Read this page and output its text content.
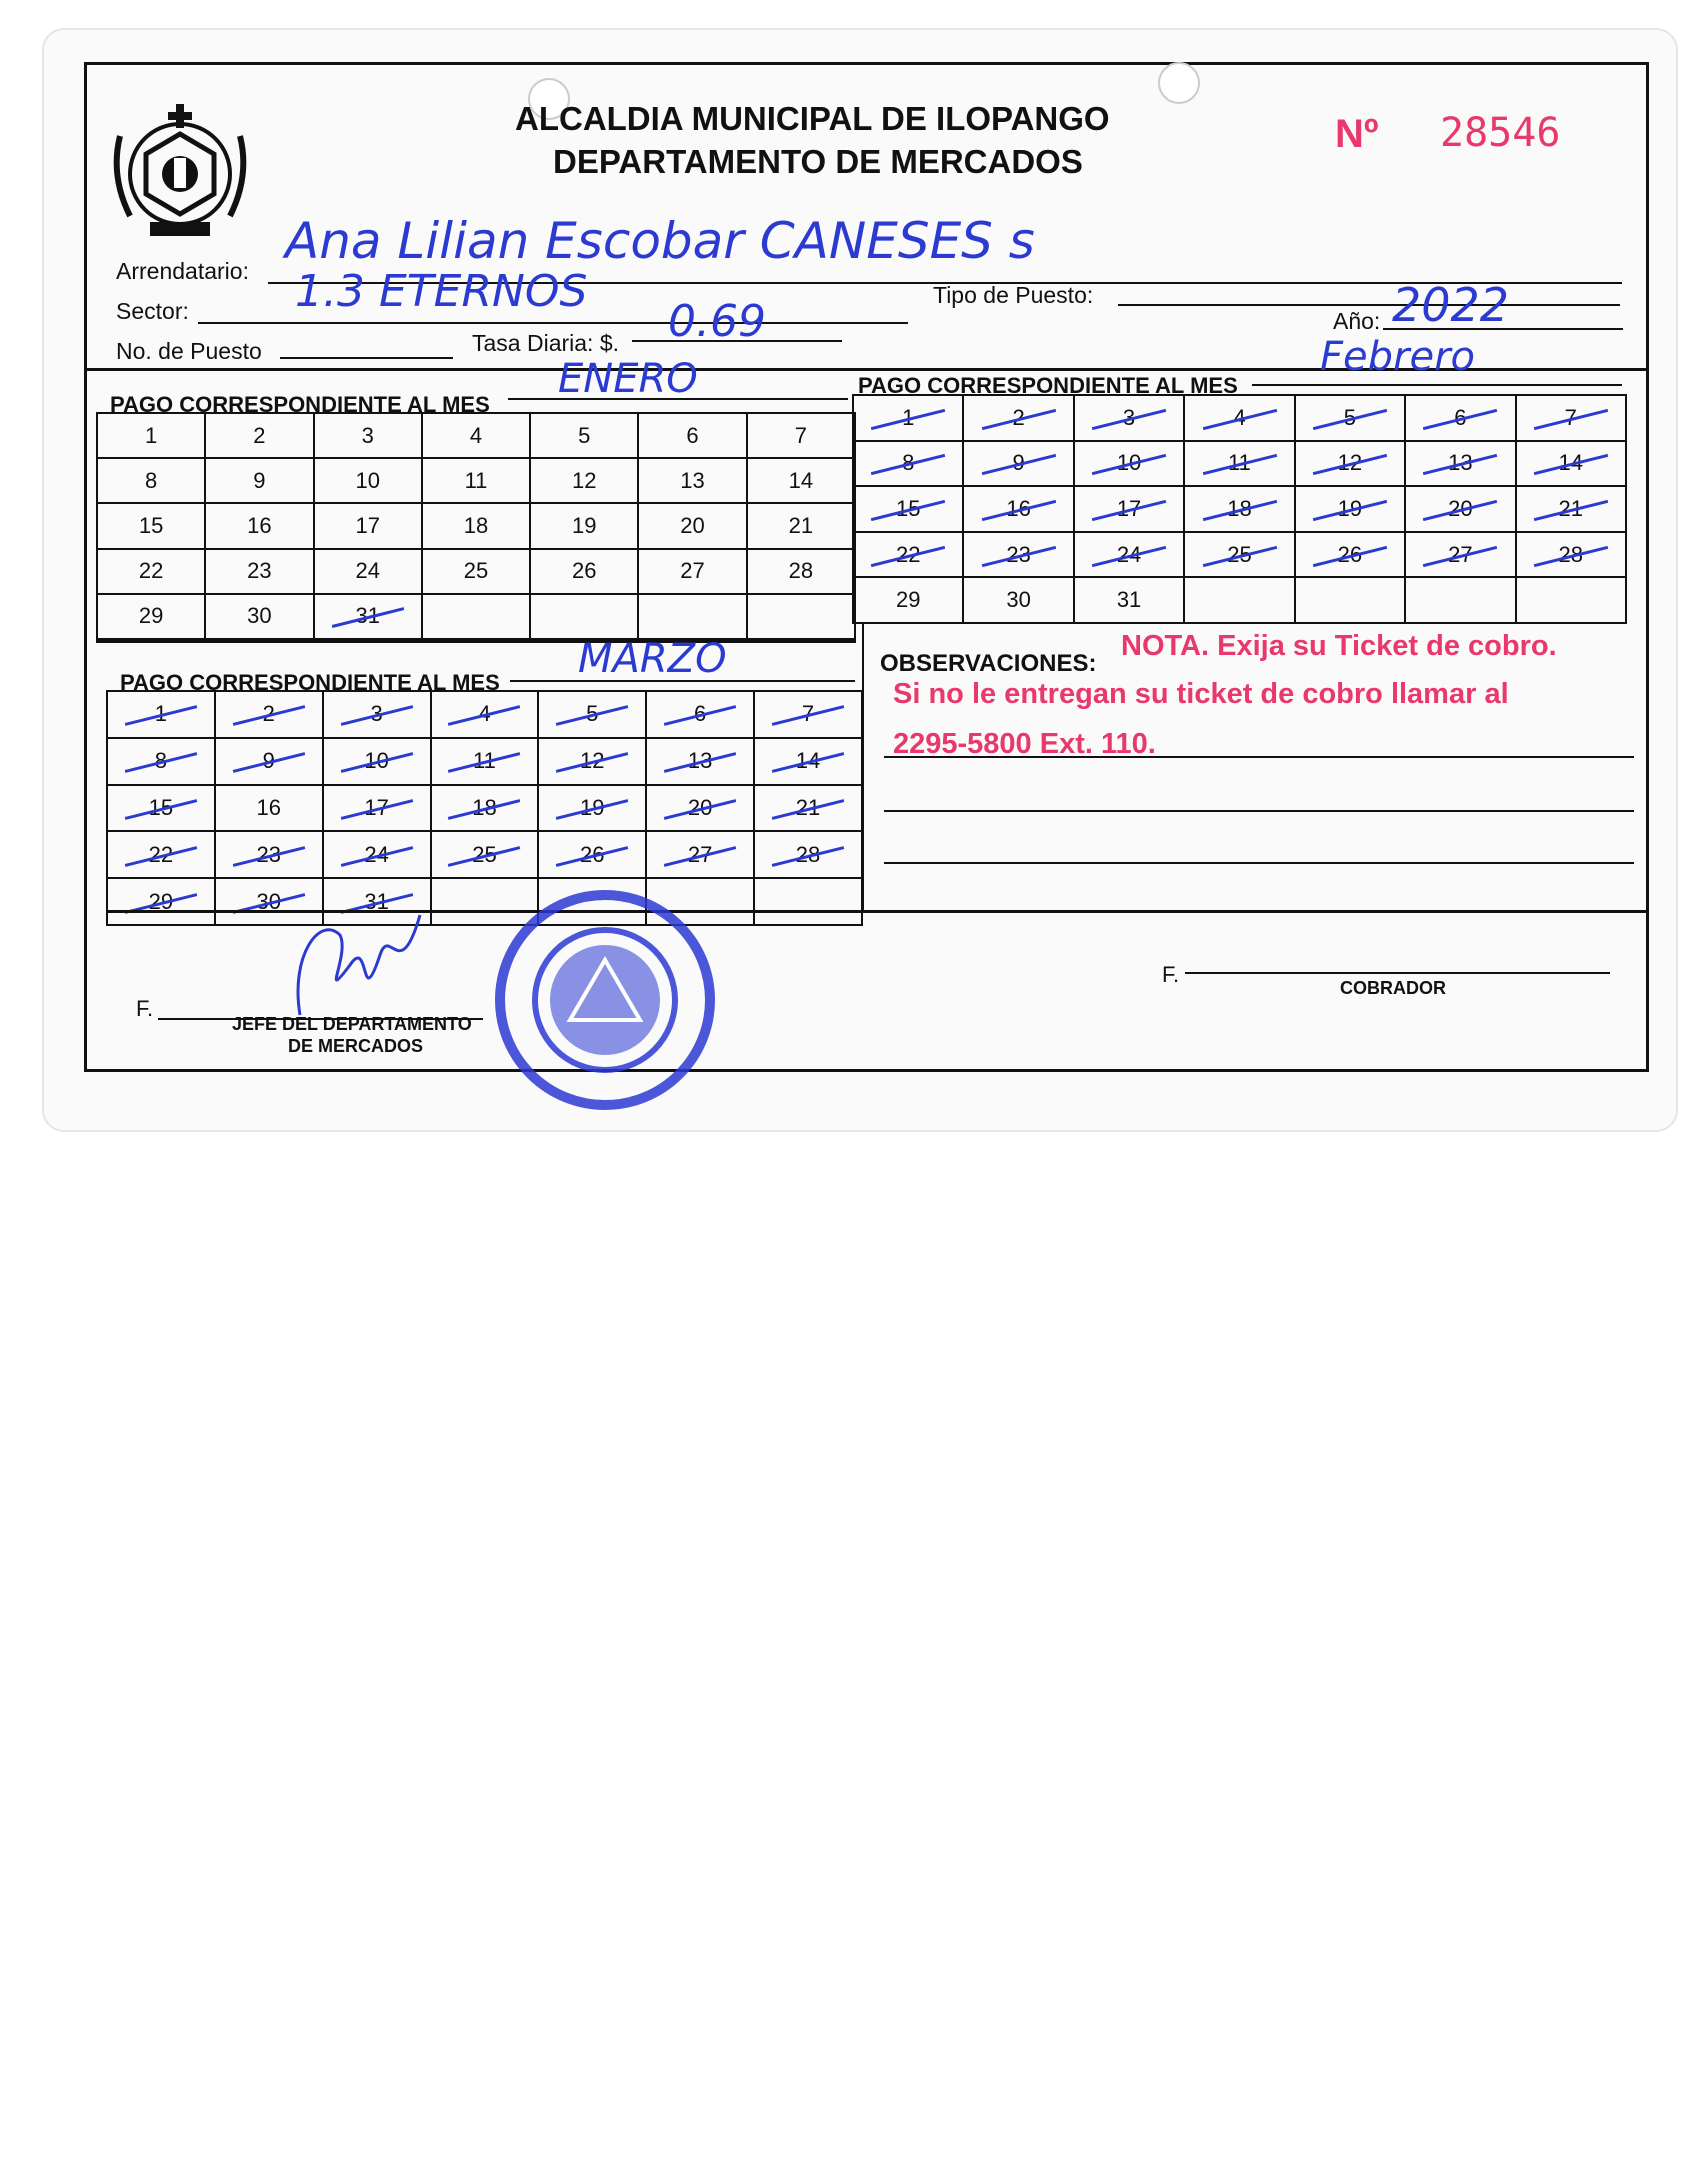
ALCALDIA MUNICIPAL DE ILOPANGO
DEPARTAMENTO DE MERCADOS
Nº 28546
Arrendatario:
Ana Lilian Escobar CANESES s
Sector: 1.3 ETERNOS	Tipo de Puesto:
Año: 2022
No. de Puesto	Tasa Diaria: $. 0.69
PAGO CORRESPONDIENTE AL MES
ENERO
1	2	3	4	5	6	7
8	9	10	11	12	13	14
15	16	17	18	19	20	21
22	23	24	25	26	27	28
29	30	31				
PAGO CORRESPONDIENTE AL MES
Febrero
1	2	3	4	5	6	7
8	9	10	11	12	13	14
15	16	17	18	19	20	21
22	23	24	25	26	27	28
29	30	31				
PAGO CORRESPONDIENTE AL MES
MARZO
1	2	3	4	5	6	7
8	9	10	11	12	13	14
15	16	17	18	19	20	21
22	23	24	25	26	27	28
29	30	31				
OBSERVACIONES:
NOTA. Exija su Ticket de cobro.
Si no le entregan su ticket de cobro llamar al
2295-5800 Ext. 110.
F.
JEFE DEL DEPARTAMENTO
DE MERCADOS
F.
COBRADOR
